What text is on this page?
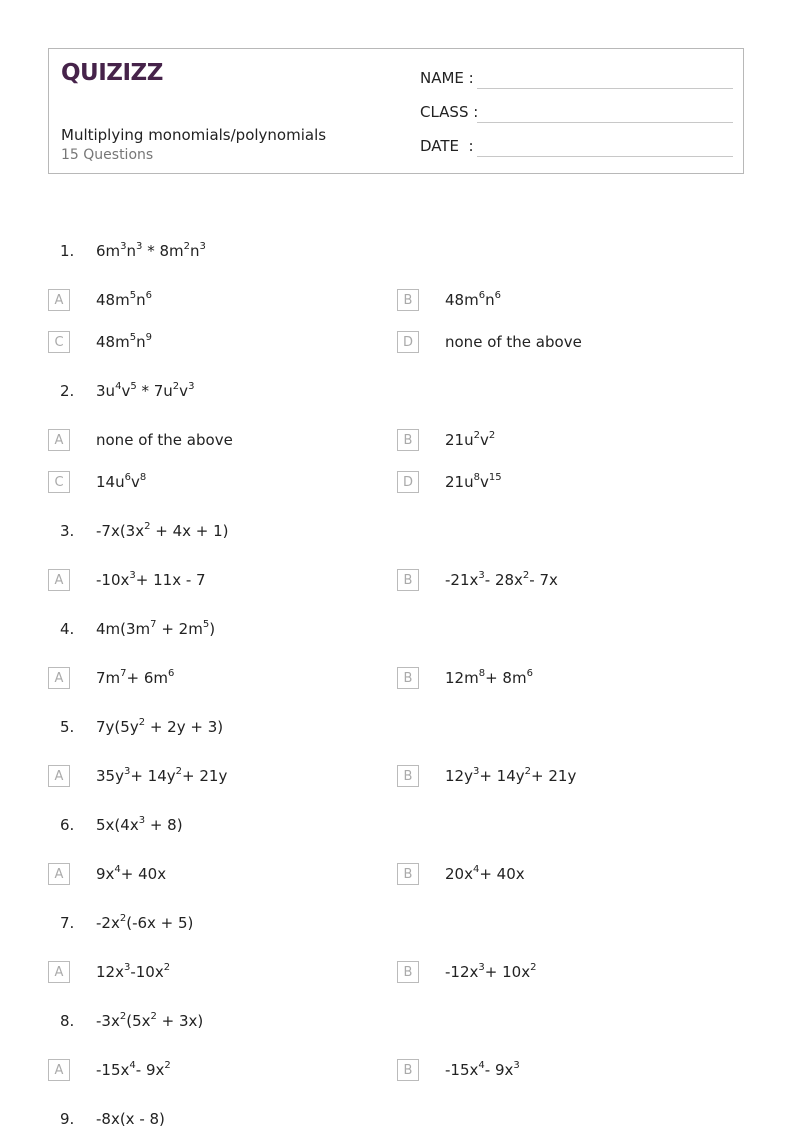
QUIZIZZ
Multiplying monomials/polynomials
15 Questions
NAME :
CLASS :
DATE  :
1.	$6m^3n^3 * 8m^2n^3$
A	$48m^5n^6$	B	$48m^6n^6$
C	$48m^5n^9$	D	none of the above
2.	$3u^4v^5 * 7u^2v^3$
A	none of the above	B	$21u^2v^2$
C	$14u^6v^8$	D	$21u^8v^{15}$
3.	$-7x(3x^2 + 4x + 1)$
A	$-10x^3+ 11x - 7$	B	$-21x^3-$ $28x^2-$ 7x
4.	$4m(3m^7 + 2m^5)$
A	$7m^7+ 6m^6$	B	$12m^8+ 8m^6$
5.	$7y(5y^2 + 2y + 3)$
A	$35y^3+ 14y^2+ 21y$	B	$12y^3+ 14y^2+ 21y$
6.	$5x(4x^3 + 8)$
A	$9x^4+ 40x$	B	$20x^4+ 40x$
7.	$-2x^2(-6x + 5)$
A	$12x^3-10x^2$	B	$-12x^3+ 10x^2$
8.	$-3x^2(5x^2 + 3x)$
A	$-15x^4-$ $9x^2$	B	$-15x^4-$ $9x^3$
9.	-8x(x - 8)
